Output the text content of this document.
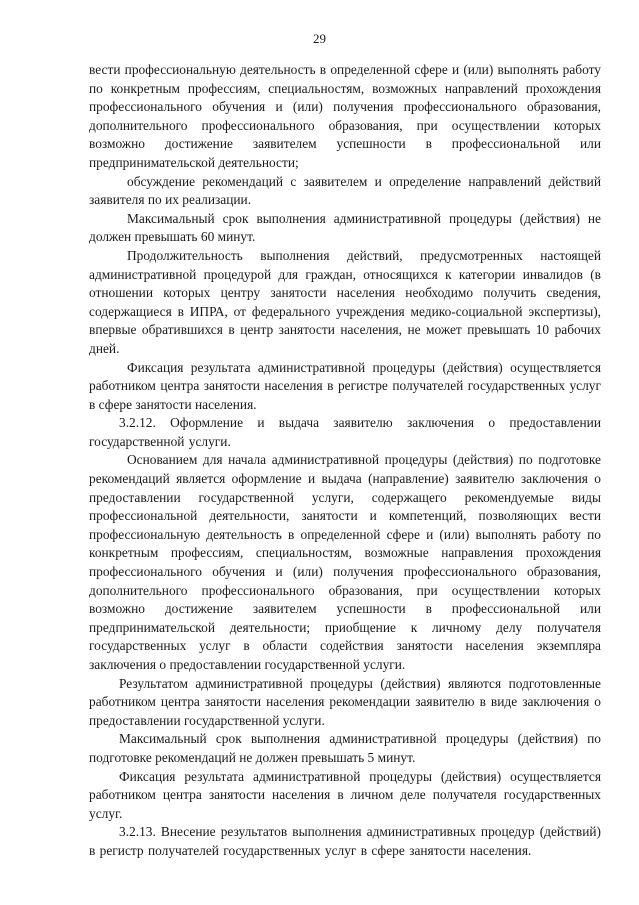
29

вести профессиональную деятельность в определенной сфере и (или) выполнять работу по конкретным профессиям, специальностям, возможных направлений прохождения профессионального обучения и (или) получения профессионального образования, дополнительного профессионального образования, при осуществлении которых возможно достижение заявителем успешности в профессиональной или предпринимательской деятельности;

обсуждение рекомендаций с заявителем и определение направлений действий заявителя по их реализации.

Максимальный срок выполнения административной процедуры (действия) не должен превышать 60 минут.

Продолжительность выполнения действий, предусмотренных настоящей административной процедурой для граждан, относящихся к категории инвалидов (в отношении которых центру занятости населения необходимо получить сведения, содержащиеся в ИПРА, от федерального учреждения медико-социальной экспертизы), впервые обратившихся в центр занятости населения, не может превышать 10 рабочих дней.

Фиксация результата административной процедуры (действия) осуществляется работником центра занятости населения в регистре получателей государственных услуг в сфере занятости населения.

3.2.12. Оформление и выдача заявителю заключения о предоставлении государственной услуги.

Основанием для начала административной процедуры (действия) по подготовке рекомендаций является оформление и выдача (направление) заявителю заключения о предоставлении государственной услуги, содержащего рекомендуемые виды профессиональной деятельности, занятости и компетенций, позволяющих вести профессиональную деятельность в определенной сфере и (или) выполнять работу по конкретным профессиям, специальностям, возможные направления прохождения профессионального обучения и (или) получения профессионального образования, дополнительного профессионального образования, при осуществлении которых возможно достижение заявителем успешности в профессиональной или предпринимательской деятельности; приобщение к личному делу получателя государственных услуг в области содействия занятости населения экземпляра заключения о предоставлении государственной услуги.

Результатом административной процедуры (действия) являются подготовленные работником центра занятости населения рекомендации заявителю в виде заключения о предоставлении государственной услуги.

Максимальный срок выполнения административной процедуры (действия) по подготовке рекомендаций не должен превышать 5 минут.

Фиксация результата административной процедуры (действия) осуществляется работником центра занятости населения в личном деле получателя государственных услуг.

3.2.13. Внесение результатов выполнения административных процедур (действий) в регистр получателей государственных услуг в сфере занятости населения.
